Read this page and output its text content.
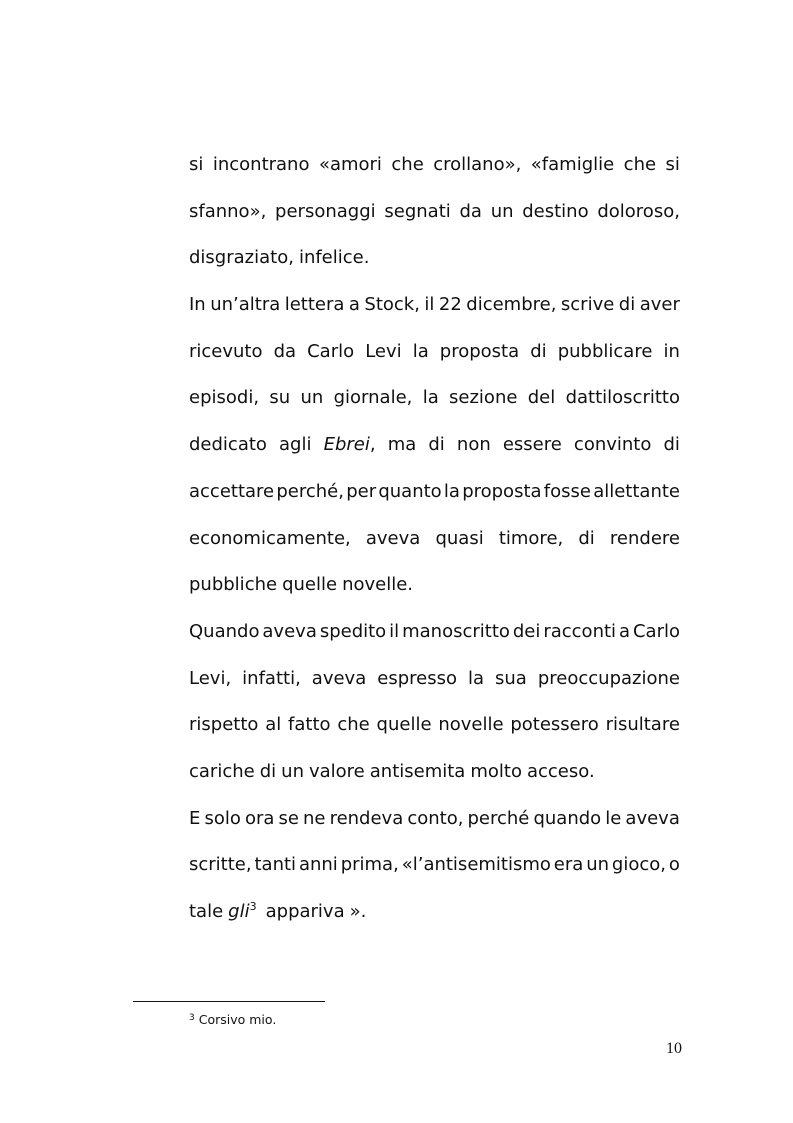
si incontrano «amori che crollano», «famiglie che si
sfanno», personaggi segnati da un destino doloroso,
disgraziato, infelice.
In un’altra lettera a Stock, il 22 dicembre, scrive di aver
ricevuto da Carlo Levi la proposta di pubblicare in
episodi, su un giornale, la sezione del dattiloscritto
dedicato agli Ebrei, ma di non essere convinto di
accettare perché, per quanto la proposta fosse allettante
economicamente, aveva quasi timore, di rendere
pubbliche quelle novelle.
Quando aveva spedito il manoscritto dei racconti a Carlo
Levi, infatti, aveva espresso la sua preoccupazione
rispetto al fatto che quelle novelle potessero risultare
cariche di un valore antisemita molto acceso.
E solo ora se ne rendeva conto, perché quando le aveva
scritte, tanti anni prima, «l’antisemitismo era un gioco, o
tale gli$^3$ appariva ».
$^3$ Corsivo mio.
10
